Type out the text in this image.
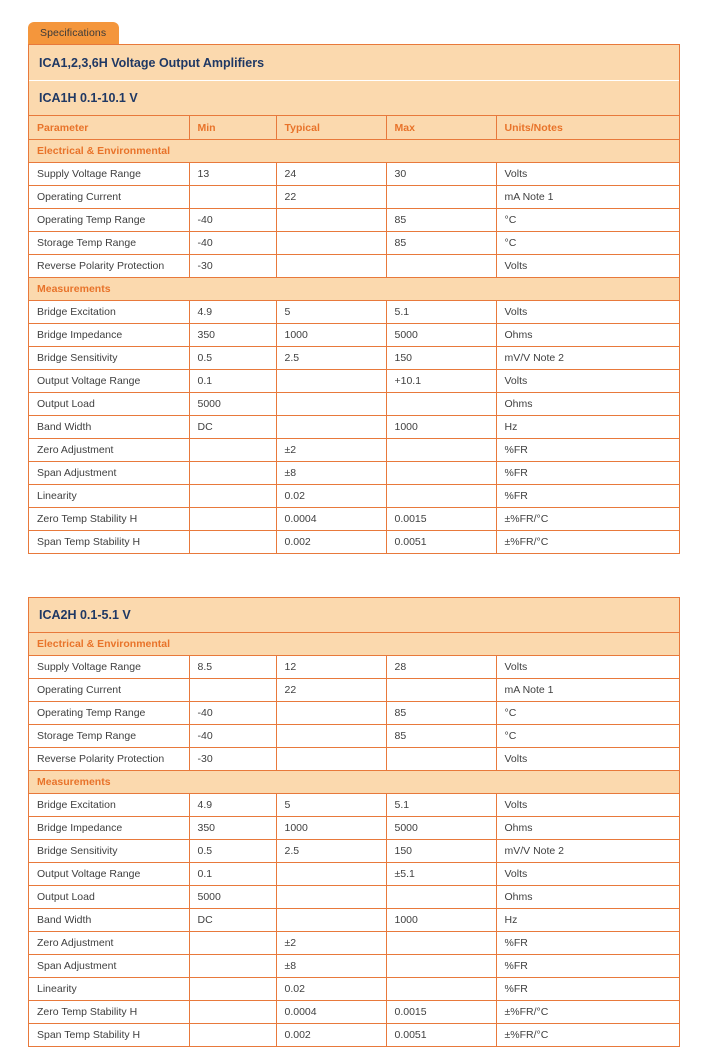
Specifications
ICA1,2,3,6H Voltage Output Amplifiers				
ICA1H 0.1-10.1 V				
Parameter	Min	Typical	Max	Units/Notes
Electrical & Environmental				
Supply Voltage Range	13	24	30	Volts
Operating Current		22		mA Note 1
Operating Temp Range	-40		85	°C
Storage Temp Range	-40		85	°C
Reverse Polarity Protection	-30			Volts
Measurements				
Bridge Excitation	4.9	5	5.1	Volts
Bridge Impedance	350	1000	5000	Ohms
Bridge Sensitivity	0.5	2.5	150	mV/V Note 2
Output Voltage Range	0.1		+10.1	Volts
Output Load	5000			Ohms
Band Width	DC		1000	Hz
Zero Adjustment		±2		%FR
Span Adjustment		±8		%FR
Linearity		0.02		%FR
Zero Temp Stability H		0.0004	0.0015	±%FR/°C
Span Temp Stability H		0.002	0.0051	±%FR/°C
ICA2H 0.1-5.1 V				
Electrical & Environmental				
Supply Voltage Range	8.5	12	28	Volts
Operating Current		22		mA Note 1
Operating Temp Range	-40		85	°C
Storage Temp Range	-40		85	°C
Reverse Polarity Protection	-30			Volts
Measurements				
Bridge Excitation	4.9	5	5.1	Volts
Bridge Impedance	350	1000	5000	Ohms
Bridge Sensitivity	0.5	2.5	150	mV/V Note 2
Output Voltage Range	0.1		±5.1	Volts
Output Load	5000			Ohms
Band Width	DC		1000	Hz
Zero Adjustment		±2		%FR
Span Adjustment		±8		%FR
Linearity		0.02		%FR
Zero Temp Stability H		0.0004	0.0015	±%FR/°C
Span Temp Stability H		0.002	0.0051	±%FR/°C
